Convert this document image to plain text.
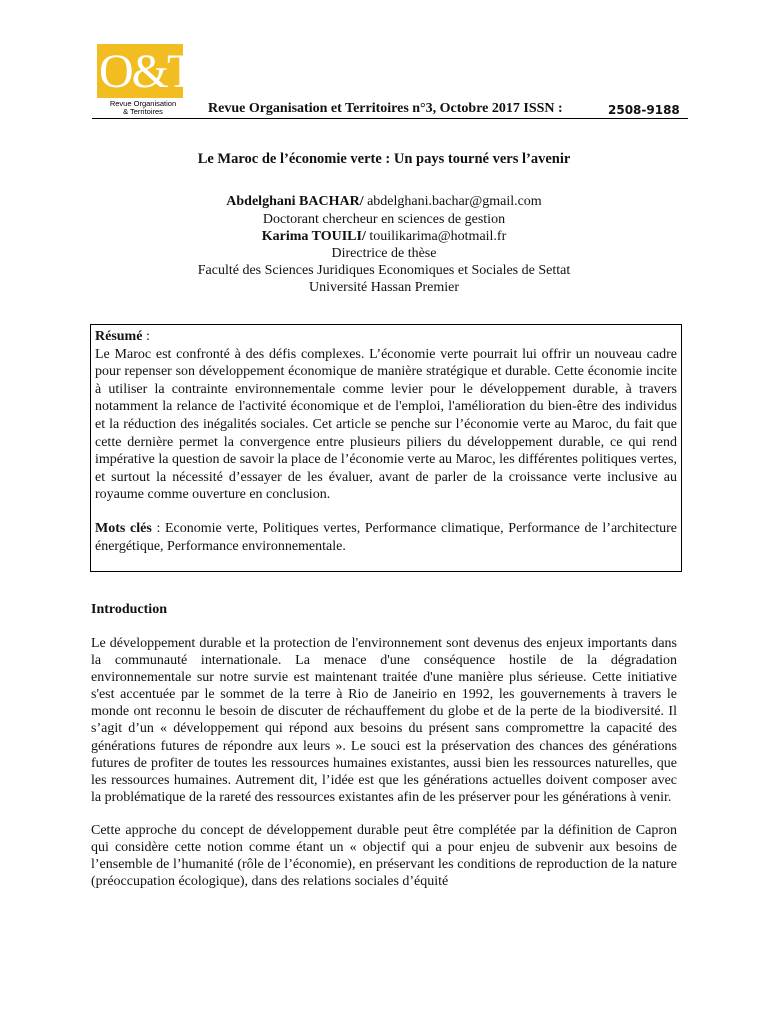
O&T
Revue Organisation
& Territoires	Revue Organisation et Territoires n°3, Octobre 2017 ISSN :	2508-9188
Le Maroc de l’économie verte : Un pays tourné vers l’avenir
Abdelghani BACHAR/ abdelghani.bachar@gmail.com
Doctorant chercheur en sciences de gestion
Karima TOUILI/ touilikarima@hotmail.fr
Directrice de thèse
Faculté des Sciences Juridiques Economiques et Sociales de Settat
Université Hassan Premier

Résumé :

Le Maroc est confronté à des défis complexes. L’économie verte pourrait lui offrir un nouveau cadre pour repenser son développement économique de manière stratégique et durable. Cette économie incite à utiliser la contrainte environnementale comme levier pour le développement durable, à travers notamment la relance de l'activité économique et de l'emploi, l'amélioration du bien-être des individus et la réduction des inégalités sociales. Cet article se penche sur l’économie verte au Maroc, du fait que cette dernière permet la convergence entre plusieurs piliers du développement durable, ce qui rend impérative la question de savoir la place de l’économie verte au Maroc, les différentes politiques vertes, et surtout la nécessité d’essayer de les évaluer, avant de parler de la croissance verte inclusive au royaume comme ouverture en conclusion.

Mots clés : Economie verte, Politiques vertes, Performance climatique, Performance de l’architecture énergétique, Performance environnementale.

Introduction

Le développement durable et la protection de l'environnement sont devenus des enjeux importants dans la communauté internationale. La menace d'une conséquence hostile de la dégradation environnementale sur notre survie est maintenant traitée d'une manière plus sérieuse. Cette initiative s'est accentuée par le sommet de la terre à Rio de Janeirio en 1992, les gouvernements à travers le monde ont reconnu le besoin de discuter de réchauffement du globe et de la perte de la biodiversité. Il s’agit d’un « développement qui répond aux besoins du présent sans compromettre la capacité des générations futures de répondre aux leurs ». Le souci est la préservation des chances des générations futures de profiter de toutes les ressources humaines existantes, aussi bien les ressources naturelles, que les ressources humaines. Autrement dit, l’idée est que les générations actuelles doivent composer avec la problématique de la rareté des ressources existantes afin de les préserver pour les générations à venir.

Cette approche du concept de développement durable peut être complétée par la définition de Capron qui considère cette notion comme étant un « objectif qui a pour enjeu de subvenir aux besoins de l’ensemble de l’humanité (rôle de l’économie), en préservant les conditions de reproduction de la nature (préoccupation écologique), dans des relations sociales d’équité
